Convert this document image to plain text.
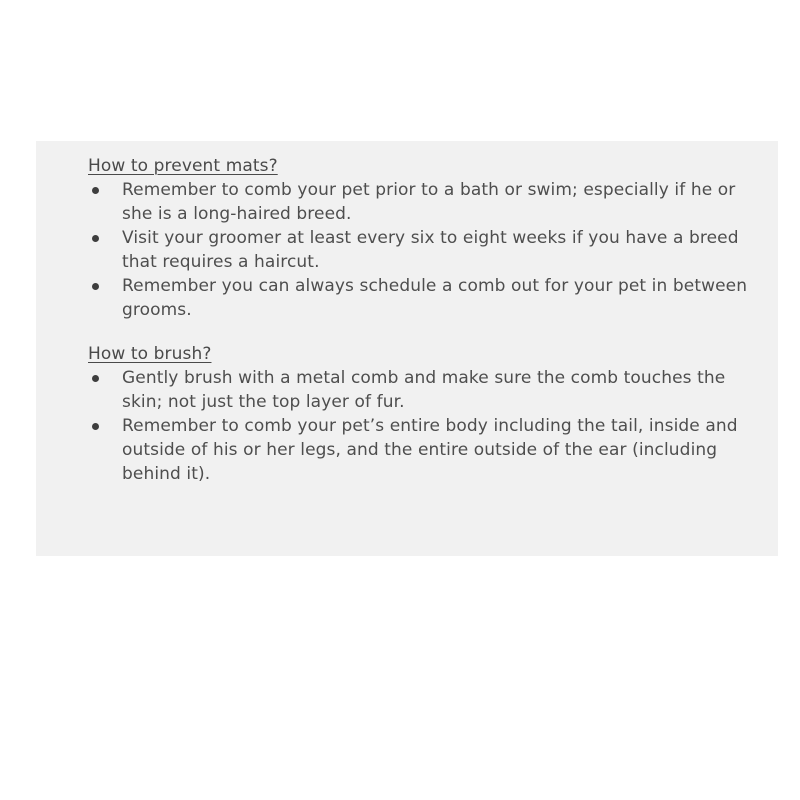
How to prevent mats?
Remember to comb your pet prior to a bath or swim; especially if he or she is a long-haired breed.
Visit your groomer at least every six to eight weeks if you have a breed that requires a haircut.
Remember you can always schedule a comb out for your pet in between grooms.
How to brush?
Gently brush with a metal comb and make sure the comb touches the skin; not just the top layer of fur.
Remember to comb your pet’s entire body including the tail, inside and outside of his or her legs, and the entire outside of the ear (including behind it).
